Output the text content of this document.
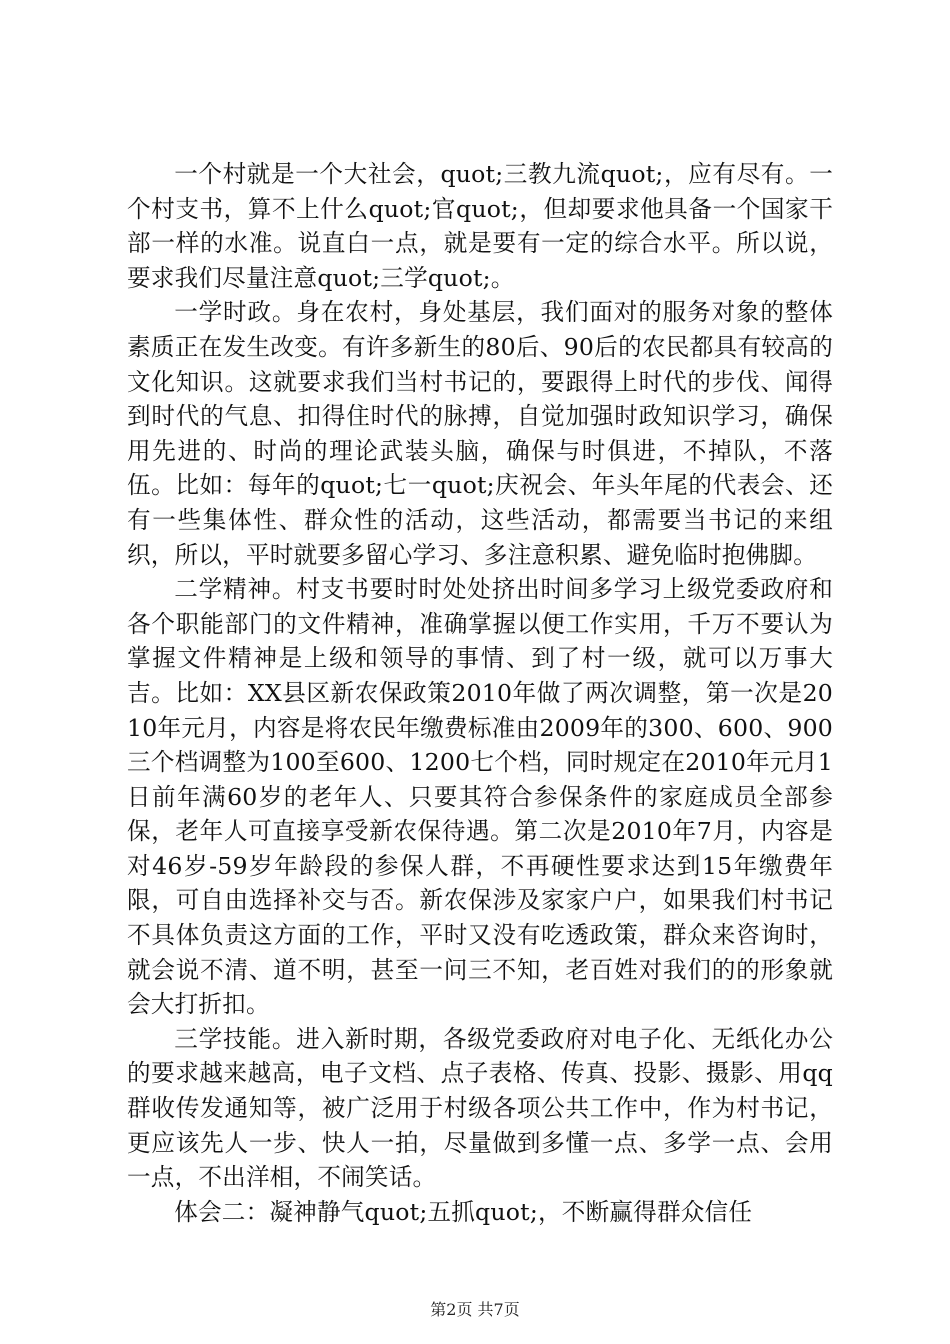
一个村就是一个大社会，quot;三教九流quot;，应有尽有。一个村支书，算不上什么quot;官quot;，但却要求他具备一个国家干部一样的水准。说直白一点，就是要有一定的综合水平。所以说，要求我们尽量注意quot;三学quot;。

一学时政。身在农村，身处基层，我们面对的服务对象的整体素质正在发生改变。有许多新生的80后、90后的农民都具有较高的文化知识。这就要求我们当村书记的，要跟得上时代的步伐、闻得到时代的气息、扣得住时代的脉搏，自觉加强时政知识学习，确保用先进的、时尚的理论武装头脑，确保与时俱进，不掉队，不落伍。比如：每年的quot;七一quot;庆祝会、年头年尾的代表会、还有一些集体性、群众性的活动，这些活动，都需要当书记的来组织，所以，平时就要多留心学习、多注意积累、避免临时抱佛脚。

二学精神。村支书要时时处处挤出时间多学习上级党委政府和各个职能部门的文件精神，准确掌握以便工作实用，千万不要认为掌握文件精神是上级和领导的事情、到了村一级，就可以万事大吉。比如：XX县区新农保政策2010年做了两次调整，第一次是2010年元月，内容是将农民年缴费标准由2009年的300、600、900三个档调整为100至600、1200七个档，同时规定在2010年元月1日前年满60岁的老年人、只要其符合参保条件的家庭成员全部参保，老年人可直接享受新农保待遇。第二次是2010年7月，内容是对46岁-59岁年龄段的参保人群，不再硬性要求达到15年缴费年限，可自由选择补交与否。新农保涉及家家户户，如果我们村书记不具体负责这方面的工作，平时又没有吃透政策，群众来咨询时，就会说不清、道不明，甚至一问三不知，老百姓对我们的的形象就会大打折扣。

三学技能。进入新时期，各级党委政府对电子化、无纸化办公的要求越来越高，电子文档、点子表格、传真、投影、摄影、用qq群收传发通知等，被广泛用于村级各项公共工作中，作为村书记，更应该先人一步、快人一拍，尽量做到多懂一点、多学一点、会用一点，不出洋相，不闹笑话。

体会二：凝神静气quot;五抓quot;，不断赢得群众信任

第2页 共7页
